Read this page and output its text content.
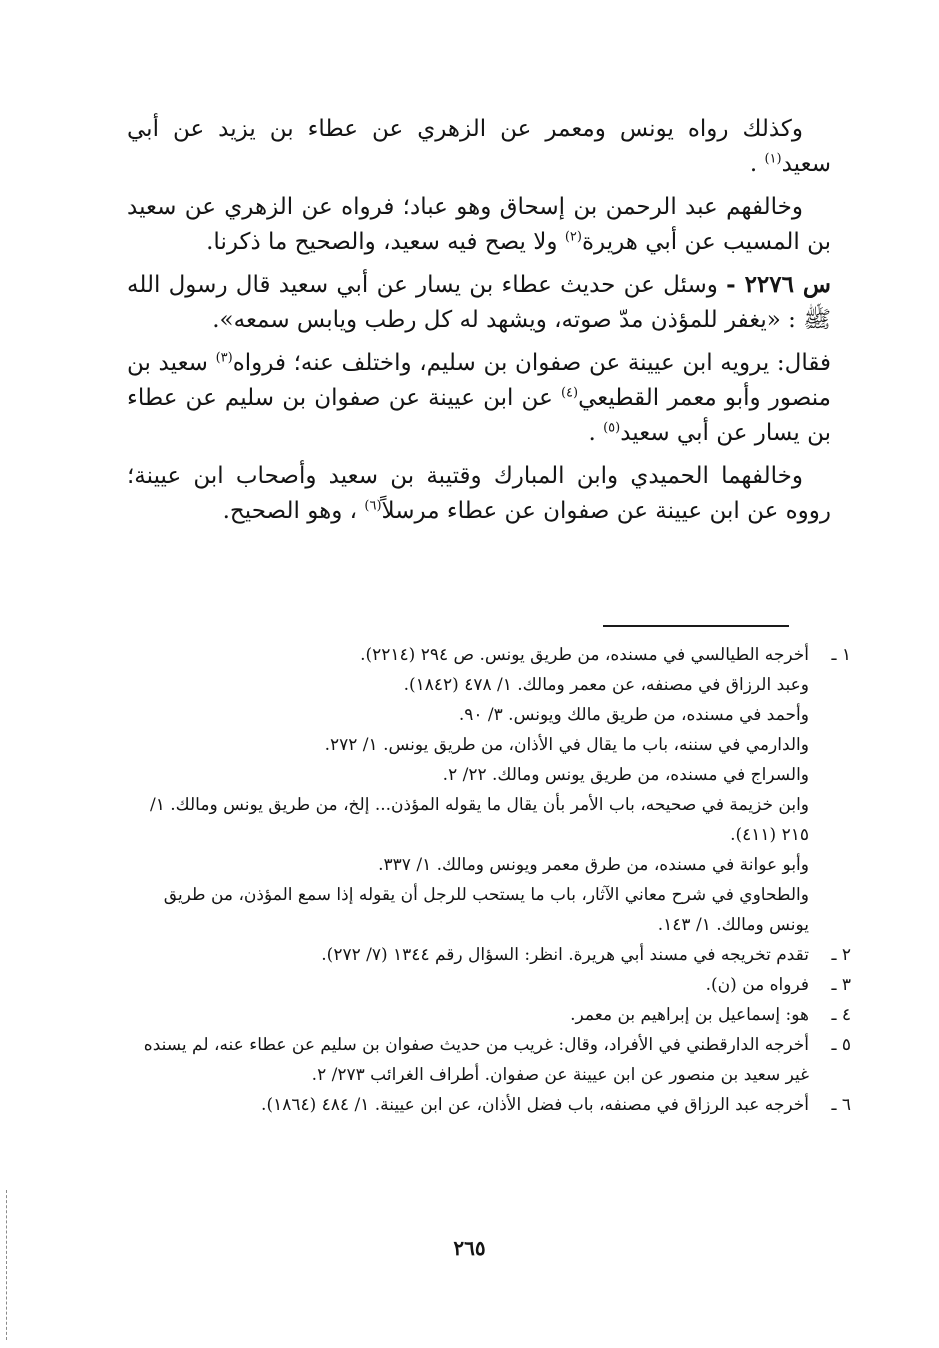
وكذلك رواه يونس ومعمر عن الزهري عن عطاء بن يزيد عن أبي سعيد$^{(١)}$ .

وخالفهم عبد الرحمن بن إسحاق وهو عباد؛ فرواه عن الزهري عن سعيد بن المسيب عن أبي هريرة$^{(٢)}$ ولا يصح فيه سعيد، والصحيح ما ذكرنا.

س ٢٢٧٦ - وسئل عن حديث عطاء بن يسار عن أبي سعيد قال رسول الله ﷺ : «يغفر للمؤذن مدّ صوته، ويشهد له كل رطب ويابس سمعه».

فقال: يرويه ابن عيينة عن صفوان بن سليم، واختلف عنه؛ فرواه$^{(٣)}$ سعيد بن منصور وأبو معمر القطيعي$^{(٤)}$ عن ابن عيينة عن صفوان بن سليم عن عطاء بن يسار عن أبي سعيد$^{(٥)}$ .

وخالفهما الحميدي وابن المبارك وقتيبة بن سعيد وأصحاب ابن عيينة؛ رووه عن ابن عيينة عن صفوان عن عطاء مرسلاً$^{(٦)}$ ، وهو الصحيح.

١ ـ
أخرجه الطيالسي في مسنده، من طريق يونس. ص ٢٩٤ (٢٢١٤).
وعبد الرزاق في مصنفه، عن معمر ومالك. ١/ ٤٧٨ (١٨٤٢).
وأحمد في مسنده، من طريق مالك ويونس. ٣/ ٩٠.
والدارمي في سننه، باب ما يقال في الأذان، من طريق يونس. ١/ ٢٧٢.
والسراج في مسنده، من طريق يونس ومالك. ٢٢/ ٢.
وابن خزيمة في صحيحه، باب الأمر بأن يقال ما يقوله المؤذن... إلخ، من طريق يونس ومالك. ١/ ٢١٥ (٤١١).
وأبو عوانة في مسنده، من طرق معمر ويونس ومالك. ١/ ٣٣٧.
والطحاوي في شرح معاني الآثار، باب ما يستحب للرجل أن يقوله إذا سمع المؤذن، من طريق يونس ومالك. ١/ ١٤٣.
٢ ـ
تقدم تخريجه في مسند أبي هريرة. انظر: السؤال رقم ١٣٤٤ (٧/ ٢٧٢).
٣ ـ
فرواه من (ن).
٤ ـ
هو: إسماعيل بن إبراهيم بن معمر.
٥ ـ
أخرجه الدارقطني في الأفراد، وقال: غريب من حديث صفوان بن سليم عن عطاء عنه، لم يسنده غير سعيد بن منصور عن ابن عيينة عن صفوان. أطراف الغرائب ٢٧٣/ ٢.
٦ ـ
أخرجه عبد الرزاق في مصنفه، باب فضل الأذان، عن ابن عيينة. ١/ ٤٨٤ (١٨٦٤).
٢٦٥
